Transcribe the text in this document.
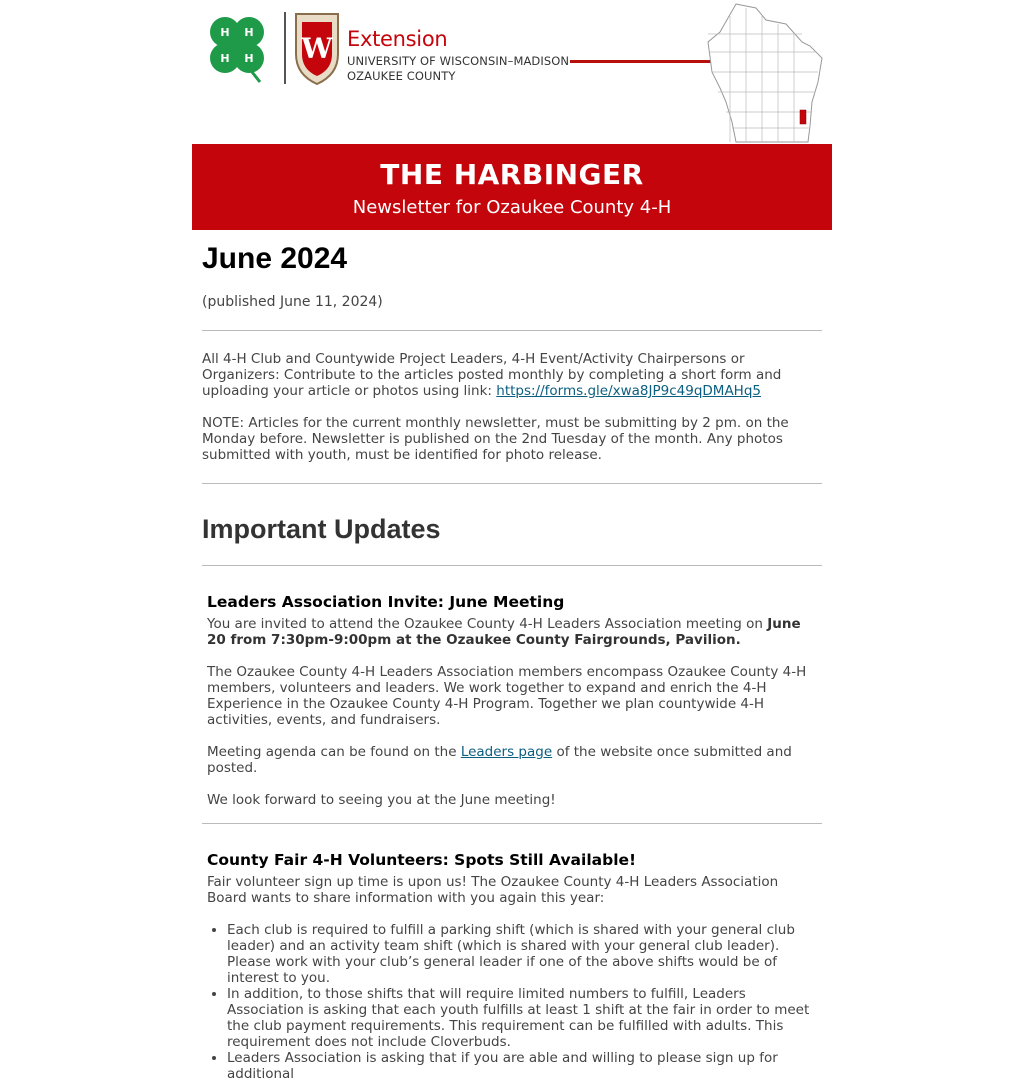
H H
H H W Extension
UNIVERSITY OF WISCONSIN–MADISON
OZAUKEE COUNTY
THE HARBINGER
Newsletter for Ozaukee County 4-H
June 2024
(published June 11, 2024)

All 4-H Club and Countywide Project Leaders, 4-H Event/Activity Chairpersons or Organizers: Contribute to the articles posted monthly by completing a short form and uploading your article or photos using link: https://forms.gle/xwa8JP9c49qDMAHq5

NOTE: Articles for the current monthly newsletter, must be submitting by 2 pm. on the Monday before. Newsletter is published on the 2nd Tuesday of the month. Any photos submitted with youth, must be identified for photo release.

Important Updates
Leaders Association Invite: June Meeting

You are invited to attend the Ozaukee County 4-H Leaders Association meeting on June 20 from 7:30pm-9:00pm at the Ozaukee County Fairgrounds, Pavilion.

The Ozaukee County 4-H Leaders Association members encompass Ozaukee County 4-H members, volunteers and leaders. We work together to expand and enrich the 4-H Experience in the Ozaukee County 4-H Program. Together we plan countywide 4-H activities, events, and fundraisers.

Meeting agenda can be found on the Leaders page of the website once submitted and posted.

We look forward to seeing you at the June meeting!

County Fair 4-H Volunteers: Spots Still Available!

Fair volunteer sign up time is upon us! The Ozaukee County 4-H Leaders Association Board wants to share information with you again this year:

• Each club is required to fulfill a parking shift (which is shared with your general club leader) and an activity team shift (which is shared with your general club leader). Please work with your club’s general leader if one of the above shifts would be of interest to you.
• In addition, to those shifts that will require limited numbers to fulfill, Leaders Association is asking that each youth fulfills at least 1 shift at the fair in order to meet the club payment requirements. This requirement can be fulfilled with adults. This requirement does not include Cloverbuds.
• Leaders Association is asking that if you are able and willing to please sign up for additional
